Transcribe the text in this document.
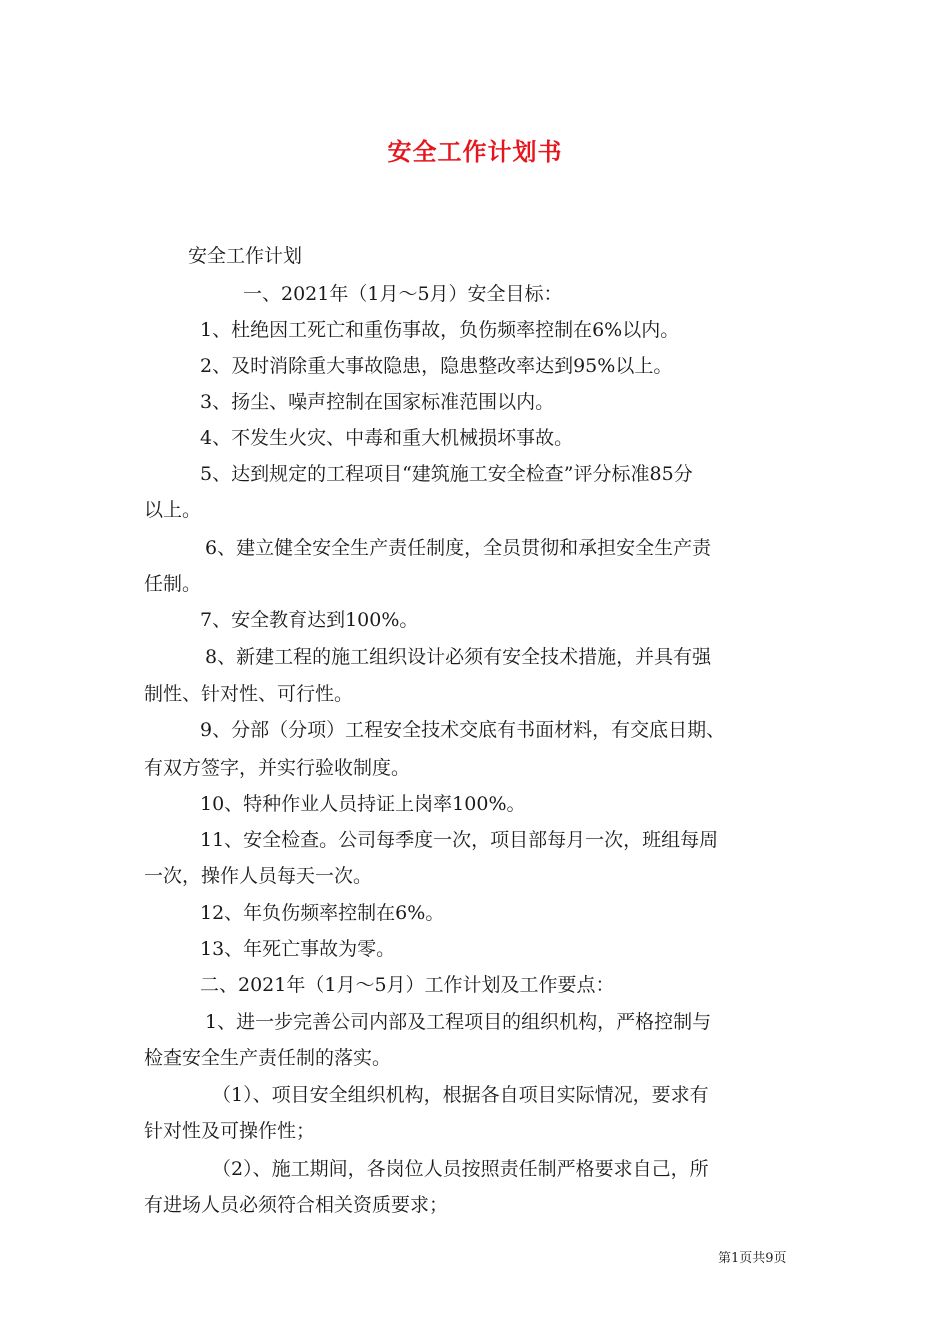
安全工作计划书
安全工作计划
一、2021年（1月～5月）安全目标：
1、杜绝因工死亡和重伤事故，负伤频率控制在6%以内。
2、及时消除重大事故隐患，隐患整改率达到95%以上。
3、扬尘、噪声控制在国家标准范围以内。
4、不发生火灾、中毒和重大机械损坏事故。
5、达到规定的工程项目“建筑施工安全检查”评分标准85分
以上。
6、建立健全安全生产责任制度，全员贯彻和承担安全生产责
任制。
7、安全教育达到100%。
8、新建工程的施工组织设计必须有安全技术措施，并具有强
制性、针对性、可行性。
9、分部（分项）工程安全技术交底有书面材料，有交底日期、
有双方签字，并实行验收制度。
10、特种作业人员持证上岗率100%。
11、安全检查。公司每季度一次，项目部每月一次，班组每周
一次，操作人员每天一次。
12、年负伤频率控制在6%。
13、年死亡事故为零。
二、2021年（1月～5月）工作计划及工作要点：
1、进一步完善公司内部及工程项目的组织机构，严格控制与
检查安全生产责任制的落实。
（1）、项目安全组织机构，根据各自项目实际情况，要求有
针对性及可操作性；
（2）、施工期间，各岗位人员按照责任制严格要求自己，所
有进场人员必须符合相关资质要求；
第1页共9页
